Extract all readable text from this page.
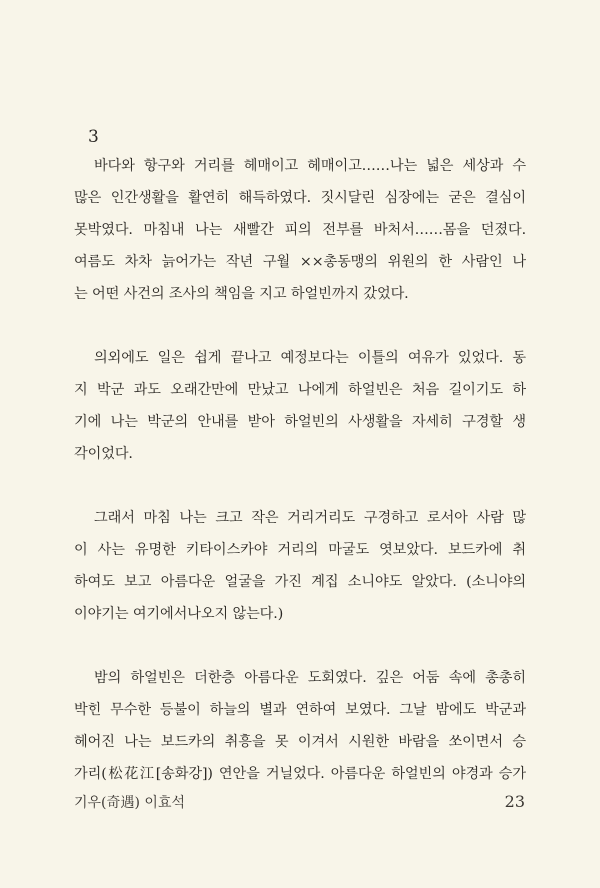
3

바다와 항구와 거리를 헤매이고 헤매이고……나는 넓은 세상과 수
많은 인간생활을 활연히 해득하였다. 짓시달린 심장에는 굳은 결심이
못박였다. 마침내 나는 새빨간 피의 전부를 바처서……몸을 던졌다.
여름도 차차 늙어가는 작년 구월 ××총동맹의 위원의 한 사람인 나
는 어떤 사건의 조사의 책임을 지고 하얼빈까지 갔었다.

의외에도 일은 쉽게 끝나고 예정보다는 이틀의 여유가 있었다. 동
지 박군 과도 오래간만에 만났고 나에게 하얼빈은 처음 길이기도 하
기에 나는 박군의 안내를 받아 하얼빈의 사생활을 자세히 구경할 생
각이었다.

그래서 마침 나는 크고 작은 거리거리도 구경하고 로서아 사람 많
이 사는 유명한 키타이스카야 거리의 마굴도 엿보았다. 보드카에 취
하여도 보고 아름다운 얼굴을 가진 계집 소니야도 알았다. (소니야의
이야기는 여기에서나오지 않는다.)

밤의 하얼빈은 더한층 아름다운 도회였다. 깊은 어둠 속에 총총히
박힌 무수한 등불이 하늘의 별과 연하여 보였다. 그날 밤에도 박군과
헤어진 나는 보드카의 취흥을 못 이겨서 시원한 바람을 쏘이면서 승
가리(松花江[송화강]) 연안을 거닐었다. 아름다운 하얼빈의 야경과 승가

기우(奇遇) 이효석	23
